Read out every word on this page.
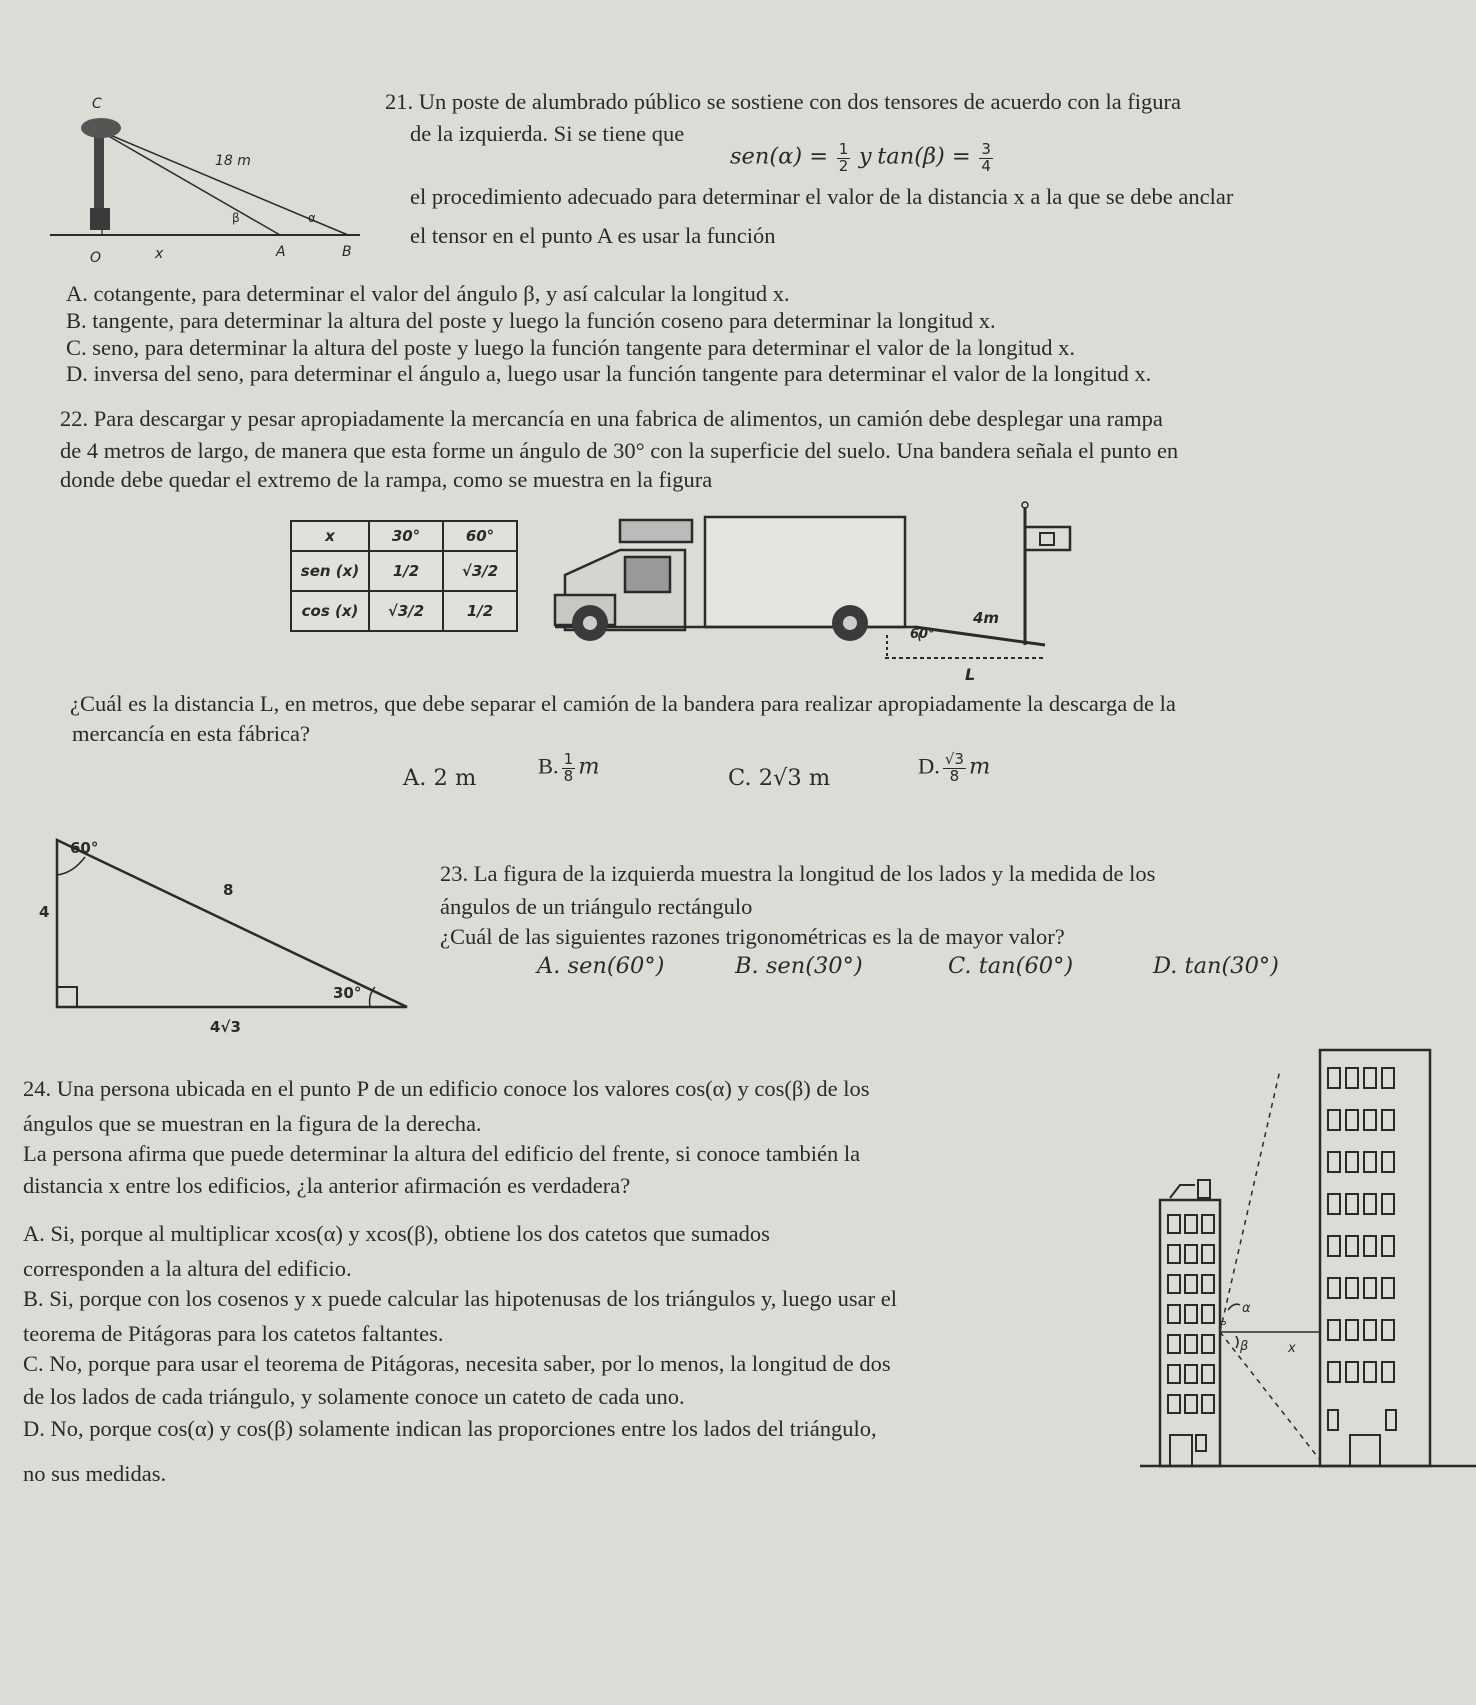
C
18 m
β	α
O	x	A	B
21. Un poste de alumbrado público se sostiene con dos tensores de acuerdo con la figura
de la izquierda. Si se tiene que
$sen(\alpha) = \frac{1}{2}$ y $\tan(\beta) = \frac{3}{4}$
el procedimiento adecuado para determinar el valor de la distancia x a la que se debe anclar
el tensor en el punto A es usar la función
A. cotangente, para determinar el valor del ángulo β, y así calcular la longitud x.
B. tangente, para determinar la altura del poste y luego la función coseno para determinar la longitud x.
C. seno, para determinar la altura del poste y luego la función tangente para determinar el valor de la longitud x.
D. inversa del seno, para determinar el ángulo a, luego usar la función tangente para determinar el valor de la longitud x.
22. Para descargar y pesar apropiadamente la mercancía en una fabrica de alimentos, un camión debe desplegar una rampa
de 4 metros de largo, de manera que esta forme un ángulo de 30° con la superficie del suelo. Una bandera señala el punto en
donde debe quedar el extremo de la rampa, como se muestra en la figura
x	30°	60°
sen (x)	1/2	√3/2
cos (x)	√3/2	1/2	4m
60°
L
¿Cuál es la distancia L, en metros, que debe separar el camión de la bandera para realizar apropiadamente la descarga de la
mercancía en esta fábrica?
A. 2 m	B. $\frac{1}{8}$ m	C. 2√3 m	D. $\frac{√3}{8}$ m
60°
4
8
30°
4√3
23. La figura de la izquierda muestra la longitud de los lados y la medida de los
ángulos de un triángulo rectángulo
¿Cuál de las siguientes razones trigonométricas es la de mayor valor?
A. sen(60°)	B. sen(30°)	C. tan(60°)	D. tan(30°)
24. Una persona ubicada en el punto P de un edificio conoce los valores cos(α) y cos(β) de los
ángulos que se muestran en la figura de la derecha.
La persona afirma que puede determinar la altura del edificio del frente, si conoce también la
distancia x entre los edificios, ¿la anterior afirmación es verdadera?
A. Si, porque al multiplicar xcos(α) y xcos(β), obtiene los dos catetos que sumados
corresponden a la altura del edificio.
B. Si, porque con los cosenos y x puede calcular las hipotenusas de los triángulos y, luego usar el
teorema de Pitágoras para los catetos faltantes.
C. No, porque para usar el teorema de Pitágoras, necesita saber, por lo menos, la longitud de dos
de los lados de cada triángulo, y solamente conoce un cateto de cada uno.
D. No, porque cos(α) y cos(β) solamente indican las proporciones entre los lados del triángulo,
no sus medidas.
α
P
β	x
